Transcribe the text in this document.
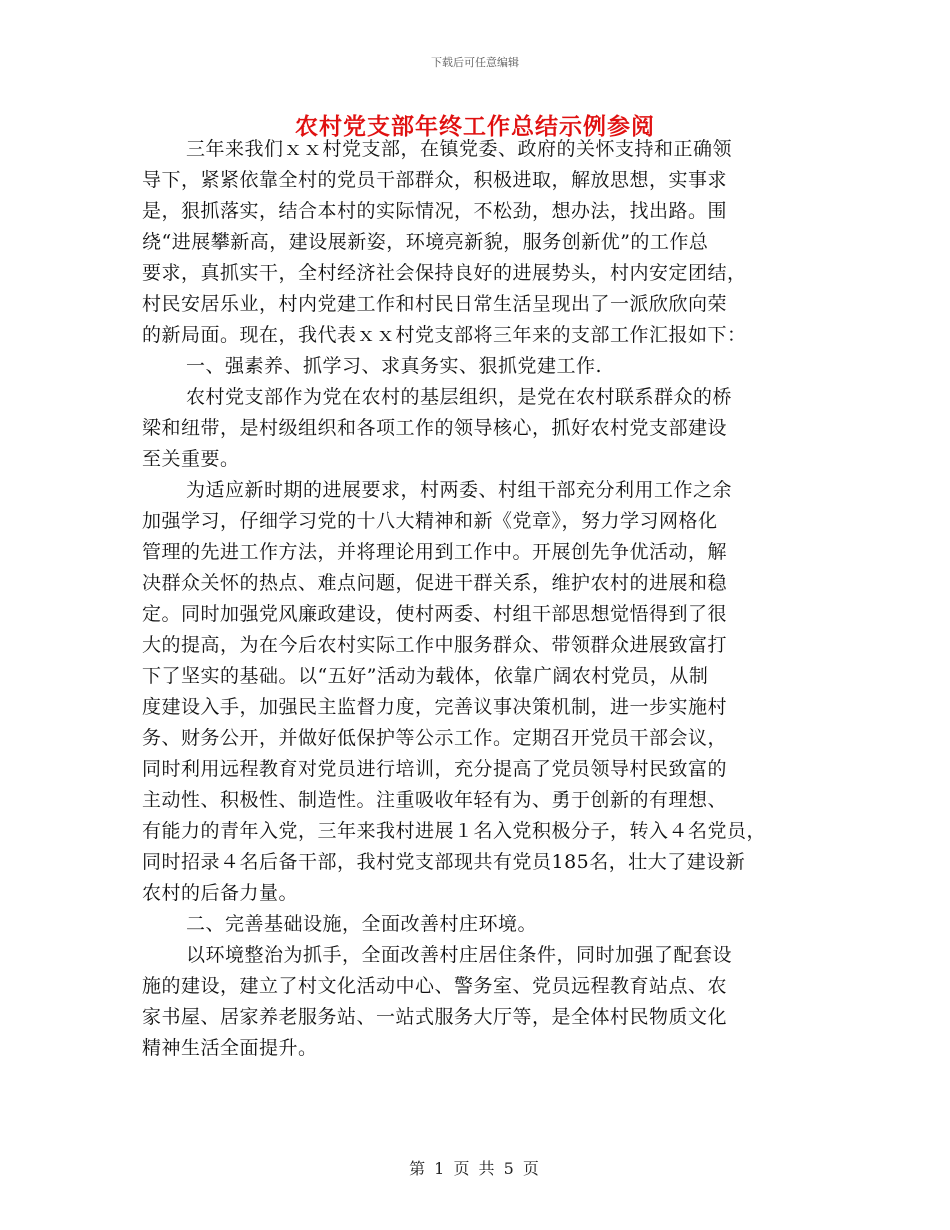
下载后可任意编辑
农村党支部年终工作总结示例参阅
三年来我们ｘｘ村党支部，在镇党委、政府的关怀支持和正确领
导下，紧紧依靠全村的党员干部群众，积极进取，解放思想，实事求
是，狠抓落实，结合本村的实际情况，不松劲，想办法，找出路。围
绕“进展攀新高，建设展新姿，环境亮新貌，服务创新优”的工作总
要求，真抓实干，全村经济社会保持良好的进展势头，村内安定团结，
村民安居乐业，村内党建工作和村民日常生活呈现出了一派欣欣向荣
的新局面。现在，我代表ｘｘ村党支部将三年来的支部工作汇报如下：
一、强素养、抓学习、求真务实、狠抓党建工作.
农村党支部作为党在农村的基层组织，是党在农村联系群众的桥
梁和纽带，是村级组织和各项工作的领导核心，抓好农村党支部建设
至关重要。
为适应新时期的进展要求，村两委、村组干部充分利用工作之余
加强学习，仔细学习党的十八大精神和新《党章》，努力学习网格化
管理的先进工作方法，并将理论用到工作中。开展创先争优活动，解
决群众关怀的热点、难点问题，促进干群关系，维护农村的进展和稳
定。同时加强党风廉政建设，使村两委、村组干部思想觉悟得到了很
大的提高，为在今后农村实际工作中服务群众、带领群众进展致富打
下了坚实的基础。以“五好”活动为载体，依靠广阔农村党员，从制
度建设入手，加强民主监督力度，完善议事决策机制，进一步实施村
务、财务公开，并做好低保护等公示工作。定期召开党员干部会议，
同时利用远程教育对党员进行培训，充分提高了党员领导村民致富的
主动性、积极性、制造性。注重吸收年轻有为、勇于创新的有理想、
有能力的青年入党，三年来我村进展１名入党积极分子，转入４名党员，
同时招录４名后备干部，我村党支部现共有党员185名，壮大了建设新
农村的后备力量。
二、完善基础设施，全面改善村庄环境。
以环境整治为抓手，全面改善村庄居住条件，同时加强了配套设
施的建设，建立了村文化活动中心、警务室、党员远程教育站点、农
家书屋、居家养老服务站、一站式服务大厅等，是全体村民物质文化
精神生活全面提升。
第 1 页 共 5 页
